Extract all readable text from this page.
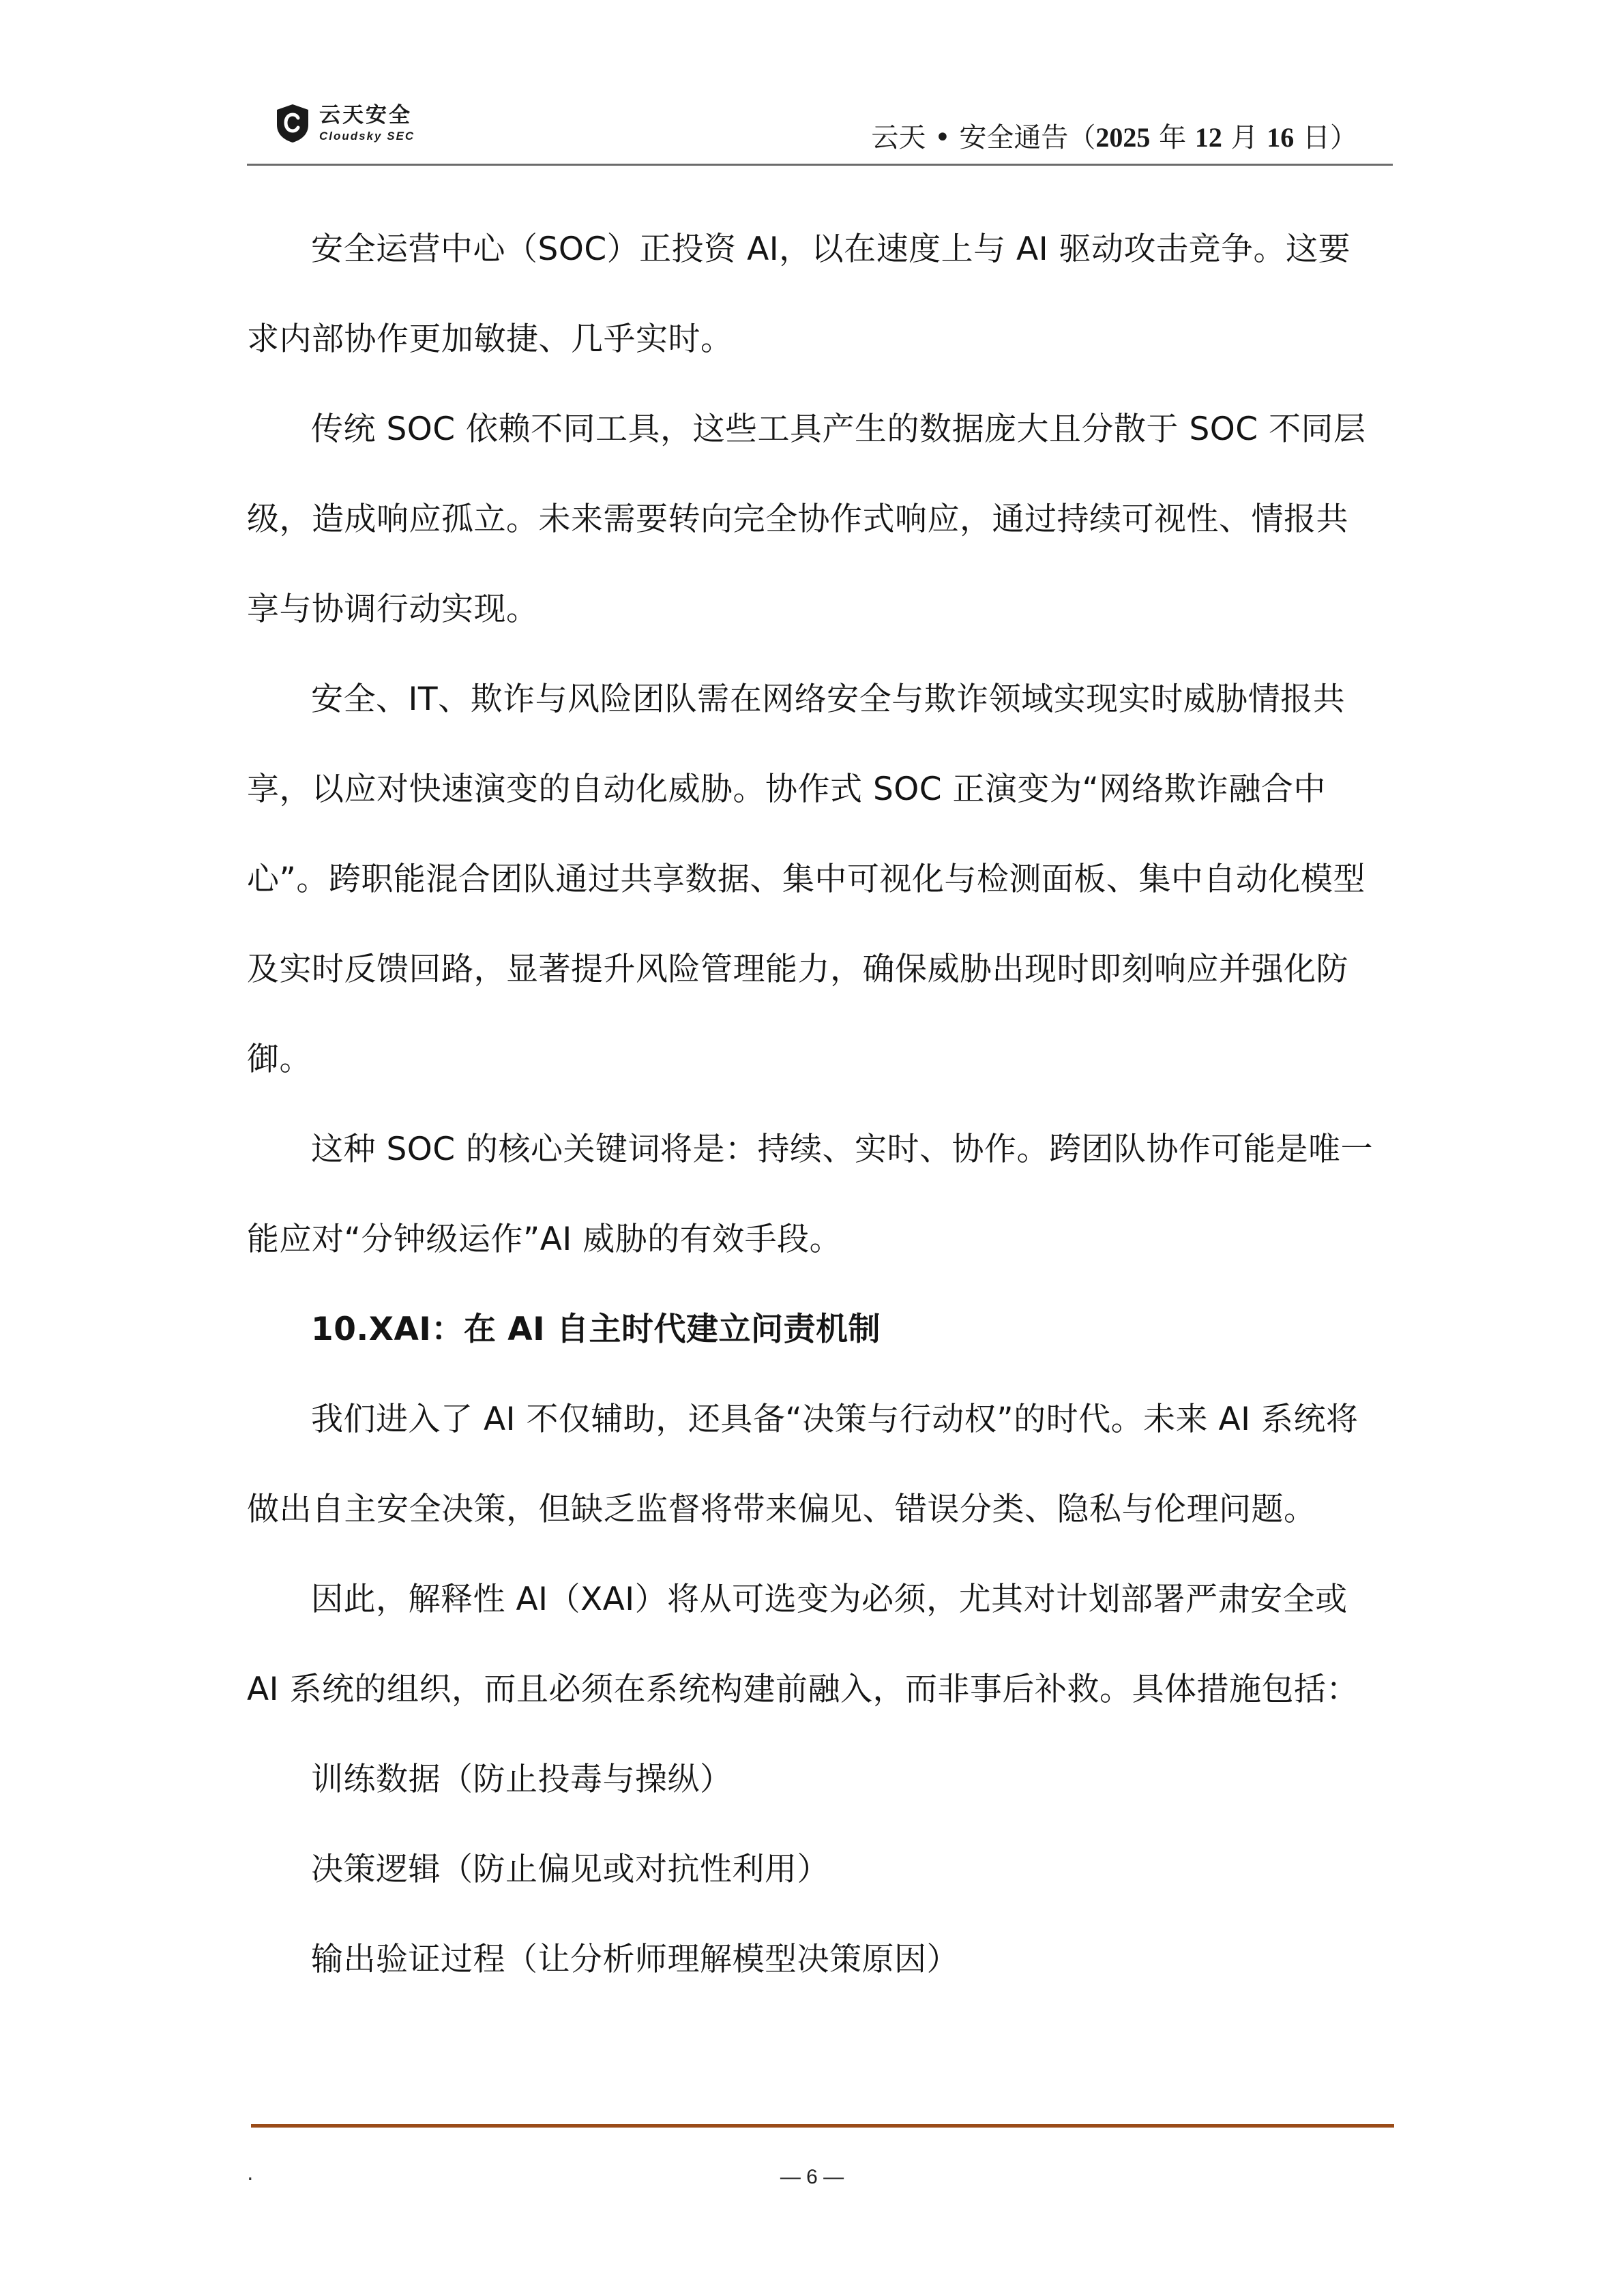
云天安全
Cloudsky SEC	云天 • 安全通告（2025 年 12 月 16 日）

安全运营中心（SOC）正投资 AI，以在速度上与 AI 驱动攻击竞争。这要求内部协作更加敏捷、几乎实时。

传统 SOC 依赖不同工具，这些工具产生的数据庞大且分散于 SOC 不同层级，造成响应孤立。未来需要转向完全协作式响应，通过持续可视性、情报共享与协调行动实现。

安全、IT、欺诈与风险团队需在网络安全与欺诈领域实现实时威胁情报共享，以应对快速演变的自动化威胁。协作式 SOC 正演变为“网络欺诈融合中心”。跨职能混合团队通过共享数据、集中可视化与检测面板、集中自动化模型及实时反馈回路，显著提升风险管理能力，确保威胁出现时即刻响应并强化防御。

这种 SOC 的核心关键词将是：持续、实时、协作。跨团队协作可能是唯一能应对“分钟级运作”AI 威胁的有效手段。

10.XAI：在 AI 自主时代建立问责机制

我们进入了 AI 不仅辅助，还具备“决策与行动权”的时代。未来 AI 系统将做出自主安全决策，但缺乏监督将带来偏见、错误分类、隐私与伦理问题。

因此，解释性 AI（XAI）将从可选变为必须，尤其对计划部署严肃安全或 AI 系统的组织，而且必须在系统构建前融入，而非事后补救。具体措施包括：

训练数据（防止投毒与操纵）

决策逻辑（防止偏见或对抗性利用）

输出验证过程（让分析师理解模型决策原因）

.	— 6 —
